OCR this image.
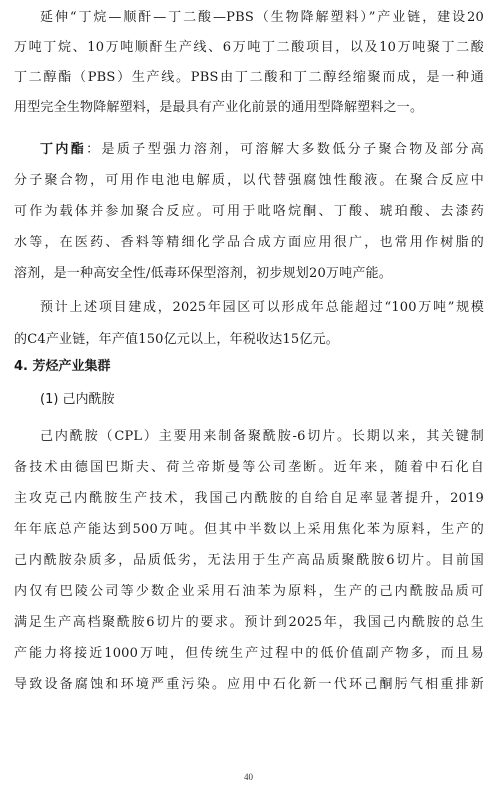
延伸“丁烷—顺酐—丁二酸—PBS（生物降解塑料）”产业链，建设20
万吨丁烷、10万吨顺酐生产线、6万吨丁二酸项目，以及10万吨聚丁二酸
丁二醇酯（PBS）生产线。PBS由丁二酸和丁二醇经缩聚而成，是一种通
用型完全生物降解塑料，是最具有产业化前景的通用型降解塑料之一。
丁内酯：是质子型强力溶剂，可溶解大多数低分子聚合物及部分高
分子聚合物，可用作电池电解质，以代替强腐蚀性酸液。在聚合反应中
可作为载体并参加聚合反应。可用于吡咯烷酮、丁酸、琥珀酸、去漆药
水等，在医药、香料等精细化学品合成方面应用很广，也常用作树脂的
溶剂，是一种高安全性/低毒环保型溶剂，初步规划20万吨产能。
预计上述项目建成，2025年园区可以形成年总能超过“100万吨”规模
的C4产业链，年产值150亿元以上，年税收达15亿元。
4. 芳烃产业集群
(1) 己内酰胺
己内酰胺（CPL）主要用来制备聚酰胺-6切片。长期以来，其关键制
备技术由德国巴斯夫、荷兰帝斯曼等公司垄断。近年来，随着中石化自
主攻克己内酰胺生产技术，我国己内酰胺的自给自足率显著提升，2019
年年底总产能达到500万吨。但其中半数以上采用焦化苯为原料，生产的
己内酰胺杂质多，品质低劣，无法用于生产高品质聚酰胺6切片。目前国
内仅有巴陵公司等少数企业采用石油苯为原料，生产的己内酰胺品质可
满足生产高档聚酰胺6切片的要求。预计到2025年，我国己内酰胺的总生
产能力将接近1000万吨，但传统生产过程中的低价值副产物多，而且易
导致设备腐蚀和环境严重污染。应用中石化新一代环己酮肟气相重排新
40
